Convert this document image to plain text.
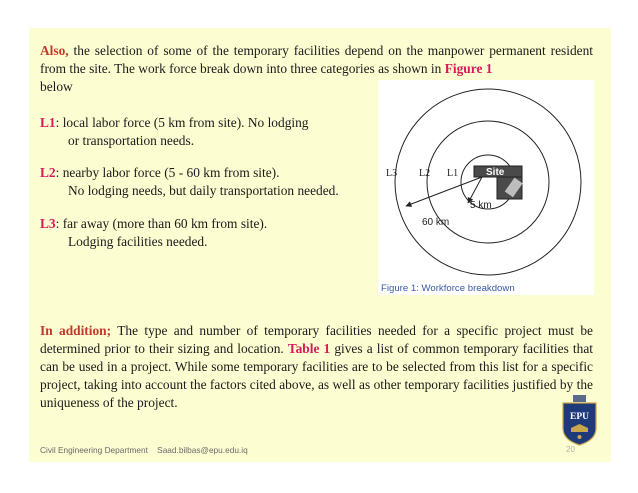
Also, the selection of some of the temporary facilities depend on the manpower permanent resident from the site. The work force break down into three categories as shown in Figure 1
below
L1: local labor force (5 km from site). No lodging
or transportation needs.
L2: nearby labor force (5 - 60 km from site).
No lodging needs, but daily transportation needed.
L3: far away (more than 60 km from site).
Lodging facilities needed.
Site
5 km
60 km
L3 L2 L1
Figure 1: Workforce breakdown
In addition; The type and number of temporary facilities needed for a specific project must be determined prior to their sizing and location. Table 1 gives a list of common temporary facilities that can be used in a project. While some temporary facilities are to be selected from this list for a specific project, taking into account the factors cited above, as well as other temporary facilities justified by the uniqueness of the project.
EPU
Civil Engineering Department Saad.bilbas@epu.edu.iq	20
